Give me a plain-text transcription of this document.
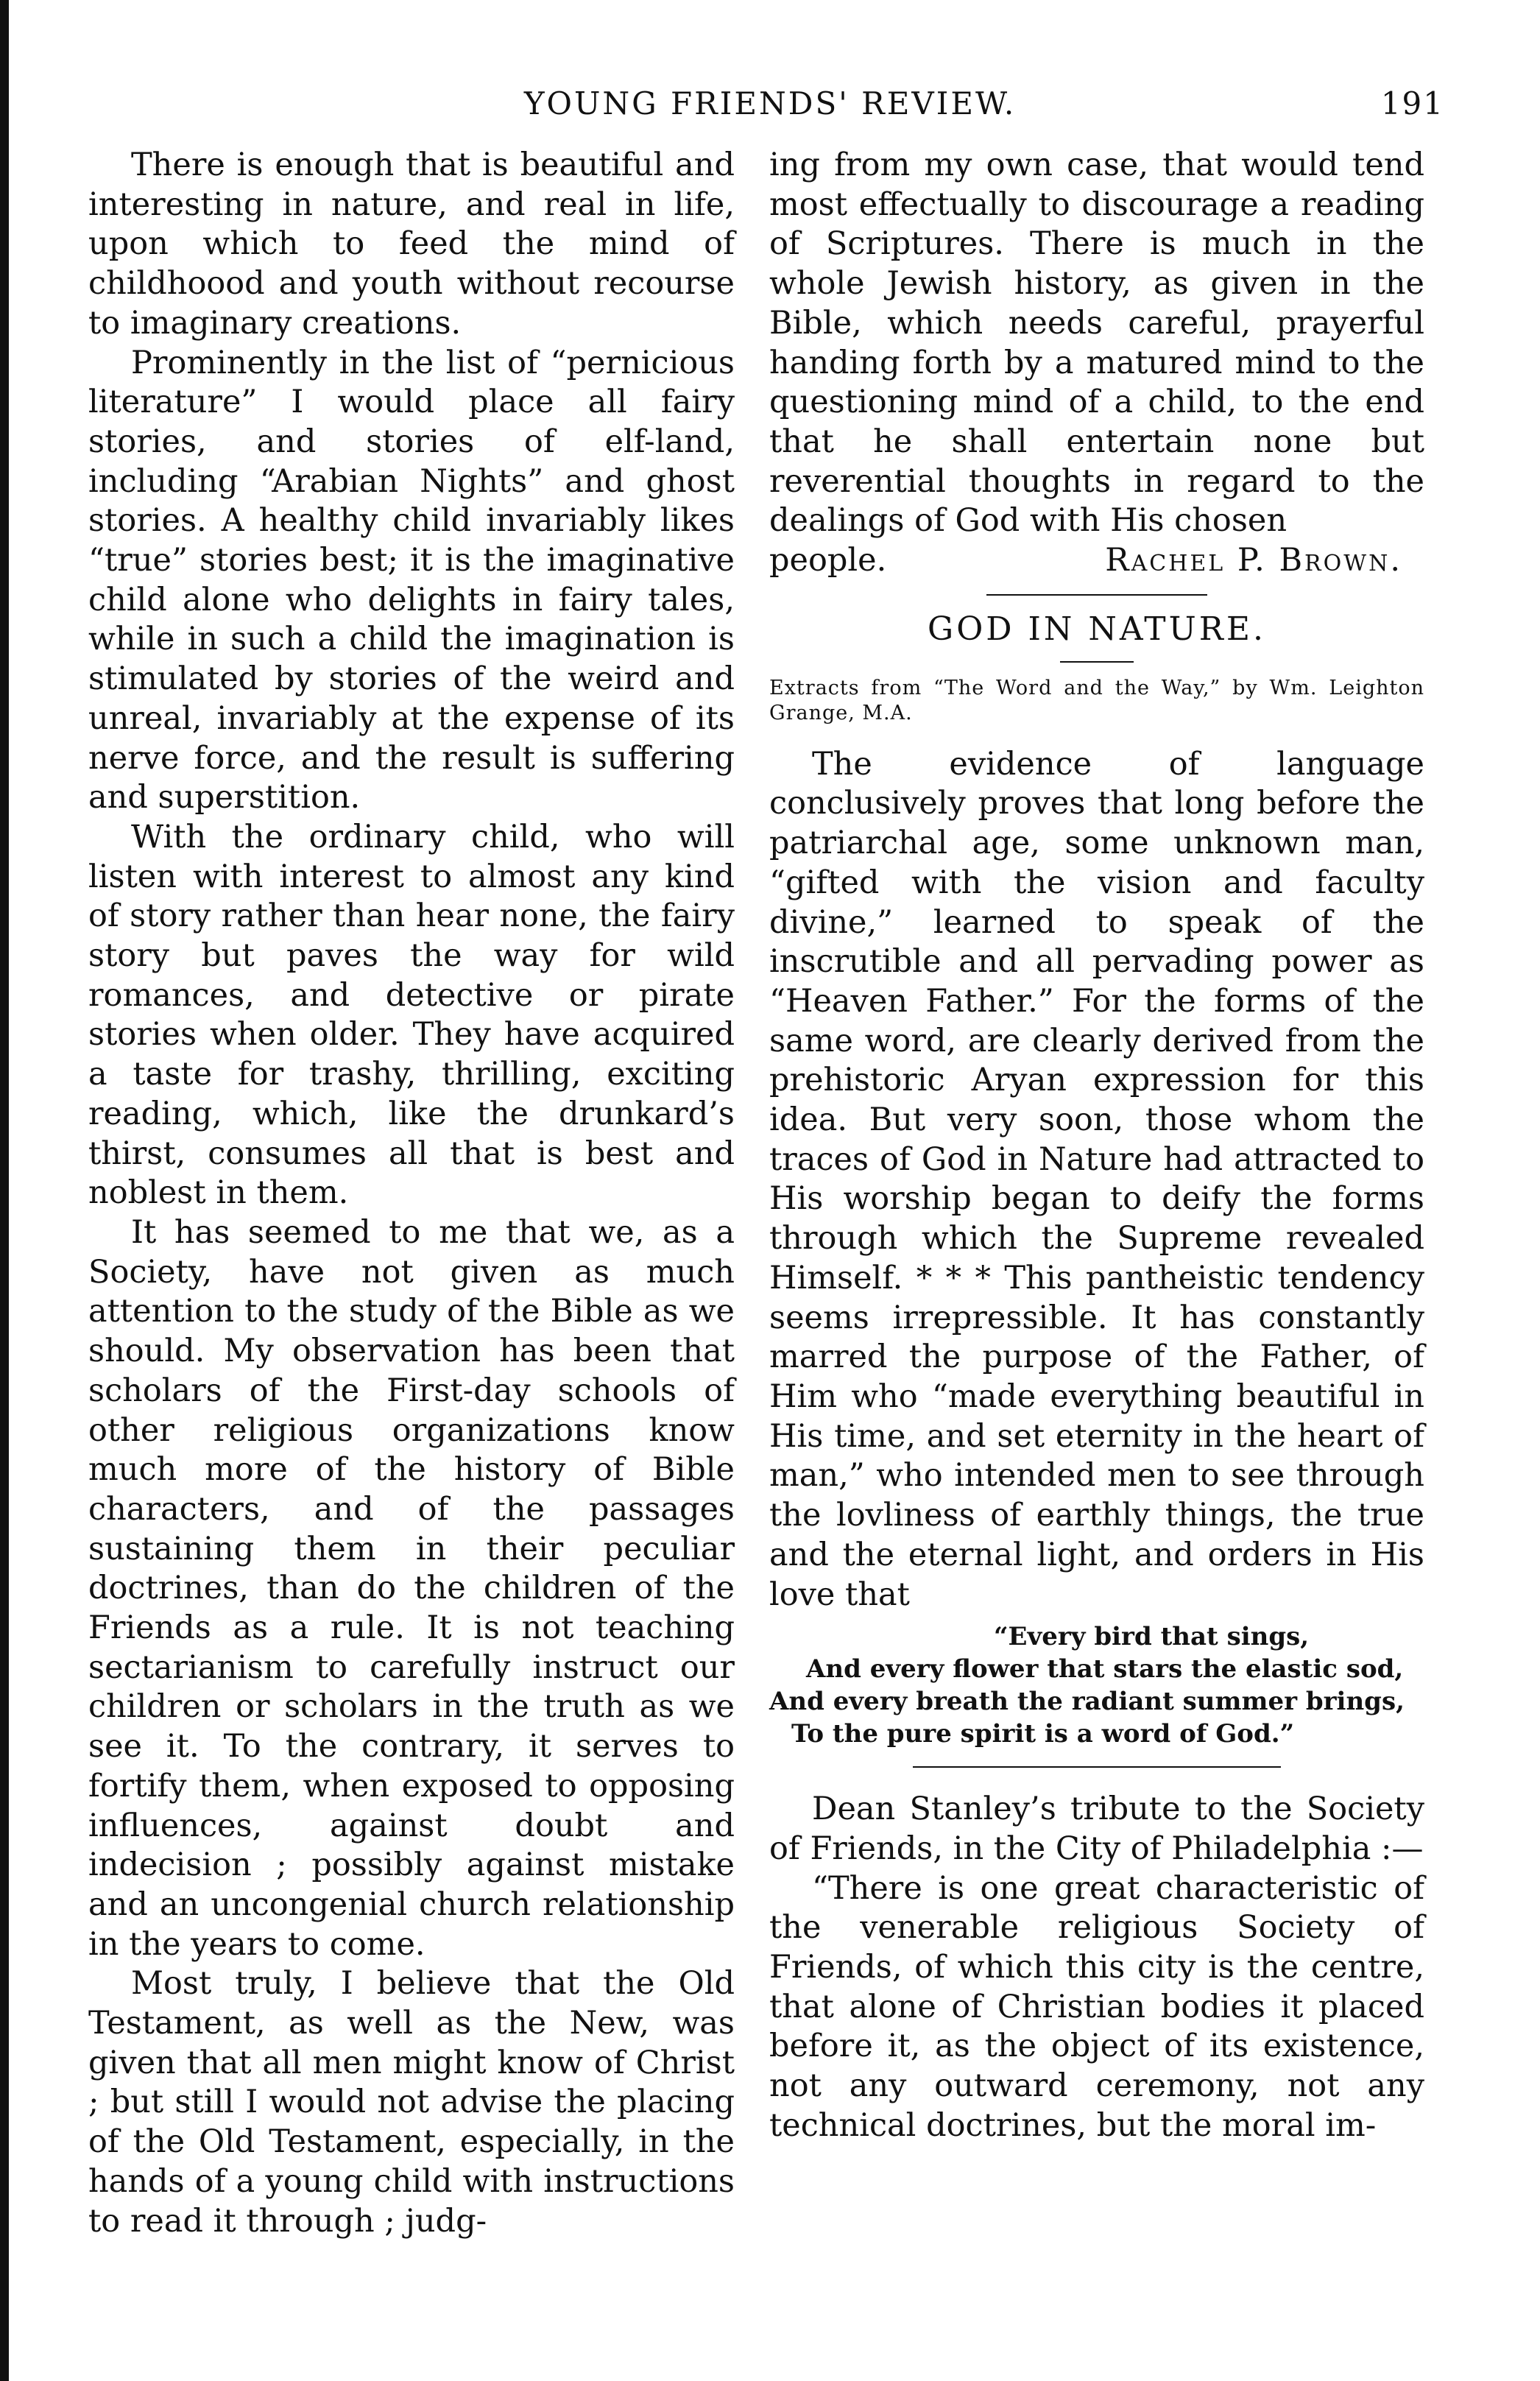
YOUNG FRIENDS' REVIEW.	191

There is enough that is beautiful and interesting in nature, and real in life, upon which to feed the mind of childhoood and youth without recourse to imaginary creations.

Prominently in the list of “pernicious literature” I would place all fairy stories, and stories of elf-land, including “Arabian Nights” and ghost stories. A healthy child invariably likes “true” stories best; it is the imaginative child alone who delights in fairy tales, while in such a child the imagination is stimulated by stories of the weird and unreal, invariably at the expense of its nerve force, and the result is suffering and superstition.

With the ordinary child, who will listen with interest to almost any kind of story rather than hear none, the fairy story but paves the way for wild romances, and detective or pirate stories when older. They have acquired a taste for trashy, thrilling, exciting reading, which, like the drunkard’s thirst, consumes all that is best and noblest in them.

It has seemed to me that we, as a Society, have not given as much attention to the study of the Bible as we should. My observation has been that scholars of the First-day schools of other religious organizations know much more of the history of Bible characters, and of the passages sustaining them in their peculiar doctrines, than do the children of the Friends as a rule. It is not teaching sectarianism to carefully instruct our children or scholars in the truth as we see it. To the contrary, it serves to fortify them, when exposed to opposing influences, against doubt and indecision ; possibly against mistake and an uncongenial church relationship in the years to come.

Most truly, I believe that the Old Testament, as well as the New, was given that all men might know of Christ ; but still I would not advise the placing of the Old Testament, especially, in the hands of a young child with instructions to read it through ; judg-

ing from my own case, that would tend most effectually to discourage a reading of Scriptures. There is much in the whole Jewish history, as given in the Bible, which needs careful, prayerful handing forth by a matured mind to the questioning mind of a child, to the end that he shall entertain none but reverential thoughts in regard to the dealings of God with His chosen

people.	Rachel P. Brown.
GOD IN NATURE.
Extracts from “The Word and the Way,” by Wm. Leighton Grange, M.A.

The evidence of language conclusively proves that long before the patriarchal age, some unknown man, “gifted with the vision and faculty divine,” learned to speak of the inscrutible and all pervading power as “Heaven Father.” For the forms of the same word, are clearly derived from the prehistoric Aryan expression for this idea. But very soon, those whom the traces of God in Nature had attracted to His worship began to deify the forms through which the Supreme revealed Himself. * * * This pantheistic tendency seems irrepressible. It has constantly marred the purpose of the Father, of Him who “made everything beautiful in His time, and set eternity in the heart of man,” who intended men to see through the lovliness of earthly things, the true and the eternal light, and orders in His love that

“Every bird that sings,
And every flower that stars the elastic sod,
And every breath the radiant summer brings,
To the pure spirit is a word of God.”

Dean Stanley’s tribute to the Society of Friends, in the City of Philadelphia :—

“There is one great characteristic of the venerable religious Society of Friends, of which this city is the centre, that alone of Christian bodies it placed before it, as the object of its existence, not any outward ceremony, not any technical doctrines, but the moral im-
